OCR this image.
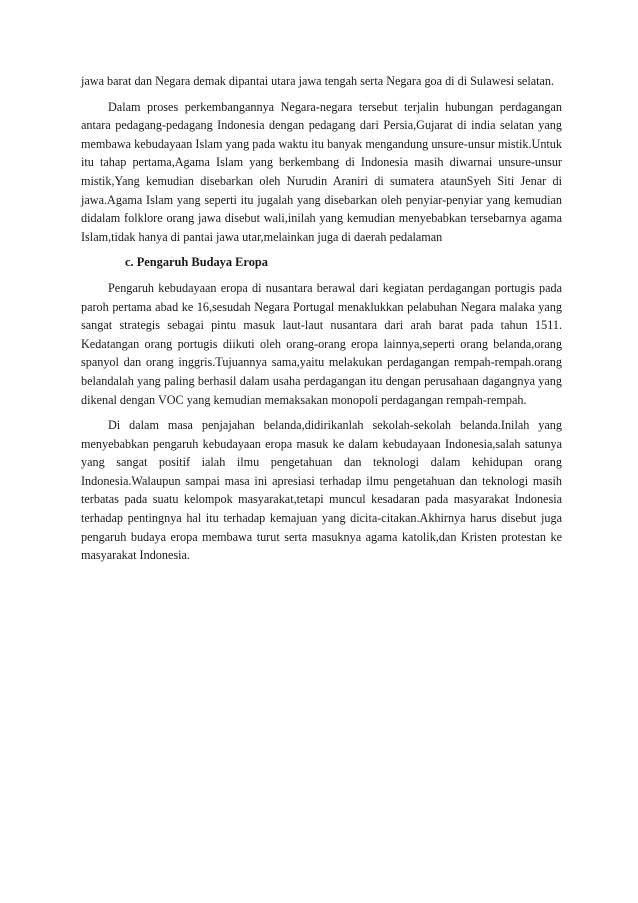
jawa barat dan Negara demak dipantai utara jawa tengah serta Negara goa di di Sulawesi selatan.

Dalam proses perkembangannya Negara-negara tersebut terjalin hubungan perdagangan antara pedagang-pedagang Indonesia dengan pedagang dari Persia,Gujarat di india selatan yang membawa kebudayaan Islam yang pada waktu itu banyak mengandung unsure-unsur mistik.Untuk itu tahap pertama,Agama Islam yang berkembang di Indonesia masih diwarnai unsure-unsur mistik,Yang kemudian disebarkan oleh Nurudin Araniri di sumatera ataunSyeh Siti Jenar di jawa.Agama Islam yang seperti itu jugalah yang disebarkan oleh penyiar-penyiar yang kemudian didalam folklore orang jawa disebut wali,inilah yang kemudian menyebabkan tersebarnya agama Islam,tidak hanya di pantai jawa utar,melainkan juga di daerah pedalaman

c. Pengaruh Budaya Eropa

Pengaruh kebudayaan eropa di nusantara berawal dari kegiatan perdagangan portugis pada paroh pertama abad ke 16,sesudah Negara Portugal menaklukkan pelabuhan Negara malaka yang sangat strategis sebagai pintu masuk laut-laut nusantara dari arah barat pada tahun 1511. Kedatangan orang portugis diikuti oleh orang-orang eropa lainnya,seperti orang belanda,orang spanyol dan orang inggris.Tujuannya sama,yaitu melakukan perdagangan rempah-rempah.orang belandalah yang paling berhasil dalam usaha perdagangan itu dengan perusahaan dagangnya yang dikenal dengan VOC yang kemudian memaksakan monopoli perdagangan rempah-rempah.

Di dalam masa penjajahan belanda,didirikanlah sekolah-sekolah belanda.Inilah yang menyebabkan pengaruh kebudayaan eropa masuk ke dalam kebudayaan Indonesia,salah satunya yang sangat positif ialah ilmu pengetahuan dan teknologi dalam kehidupan orang Indonesia.Walaupun sampai masa ini apresiasi terhadap ilmu pengetahuan dan teknologi masih terbatas pada suatu kelompok masyarakat,tetapi muncul kesadaran pada masyarakat Indonesia terhadap pentingnya hal itu terhadap kemajuan yang dicita-citakan.Akhirnya harus disebut juga pengaruh budaya eropa membawa turut serta masuknya agama katolik,dan Kristen protestan ke masyarakat Indonesia.
